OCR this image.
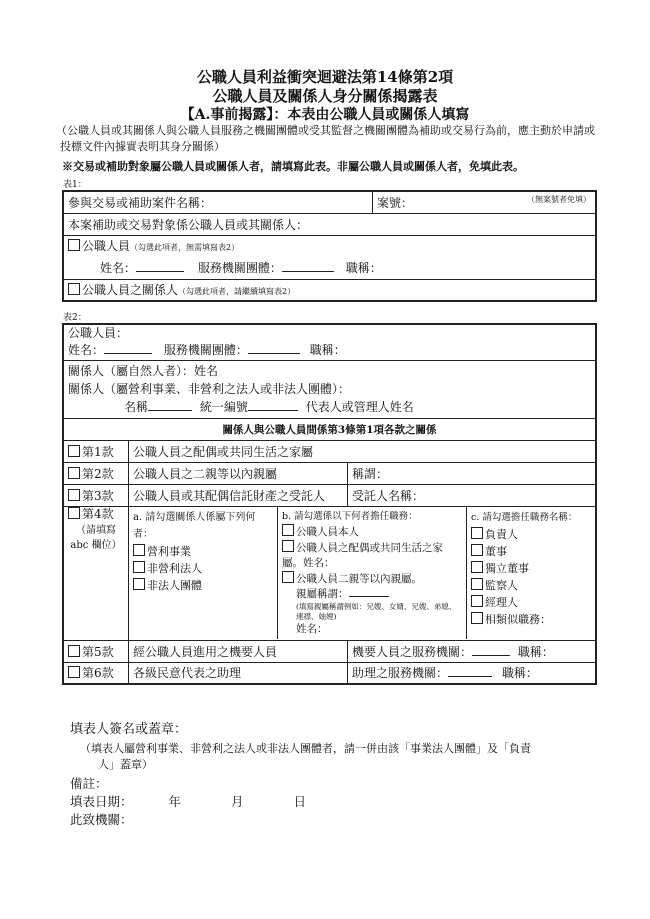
公職人員利益衝突迴避法第14條第2項
公職人員及關係人身分關係揭露表
【A.事前揭露】：本表由公職人員或關係人填寫
（公職人員或其關係人與公職人員服務之機關團體或受其監督之機關團體為補助或交易行為前，應主動於申請或投標文件內據實表明其身分關係）
※交易或補助對象屬公職人員或關係人者，請填寫此表。非屬公職人員或關係人者，免填此表。
表1：
參與交易或補助案件名稱：	案號：	（無案號者免填）

本案補助或交易對象係公職人員或其關係人：

公職人員（勾選此項者，無需填寫表2）
姓名：	服務機關團體：	職稱：

公職人員之關係人（勾選此項者，請繼續填寫表2）
表2：
公職人員：
姓名：	服務機關團體：	職稱：

關係人（屬自然人者）：姓名
關係人（屬營利事業、非營利之法人或非法人團體）：
名稱	統一編號	代表人或管理人姓名

關係人與公職人員間係第3條第1項各款之關係
第1款	公職人員之配偶或共同生活之家屬
第2款	公職人員之二親等以內親屬	稱謂：
第3款	公職人員或其配偶信託財產之受託人	受託人名稱：

第4款
（請填寫
abc 欄位）

a. 請勾選關係人係屬下列何者：
營利事業
非營利法人
非法人團體

b. 請勾選係以下何者擔任職務：
公職人員本人
公職人員之配偶或共同生活之家屬。姓名：
公職人員二親等以內親屬。
親屬稱謂：
(填寫親屬稱謂例如：兄嫂、女婿、兄嫂、弟媳、連襟、妯娌)
姓名：

c. 請勾選擔任職務名稱：
負責人
董事
獨立董事
監察人
經理人
相類似職務：

第5款	經公職人員進用之機要人員	機要人員之服務機關：	職稱：
第6款	各級民意代表之助理	助理之服務機關：	職稱：
填表人簽名或蓋章：
（填表人屬營利事業、非營利之法人或非法人團體者，請一併由該「事業法人團體」及「負責
人」蓋章）
備註：
填表日期：	年	月	日
此致機關：
